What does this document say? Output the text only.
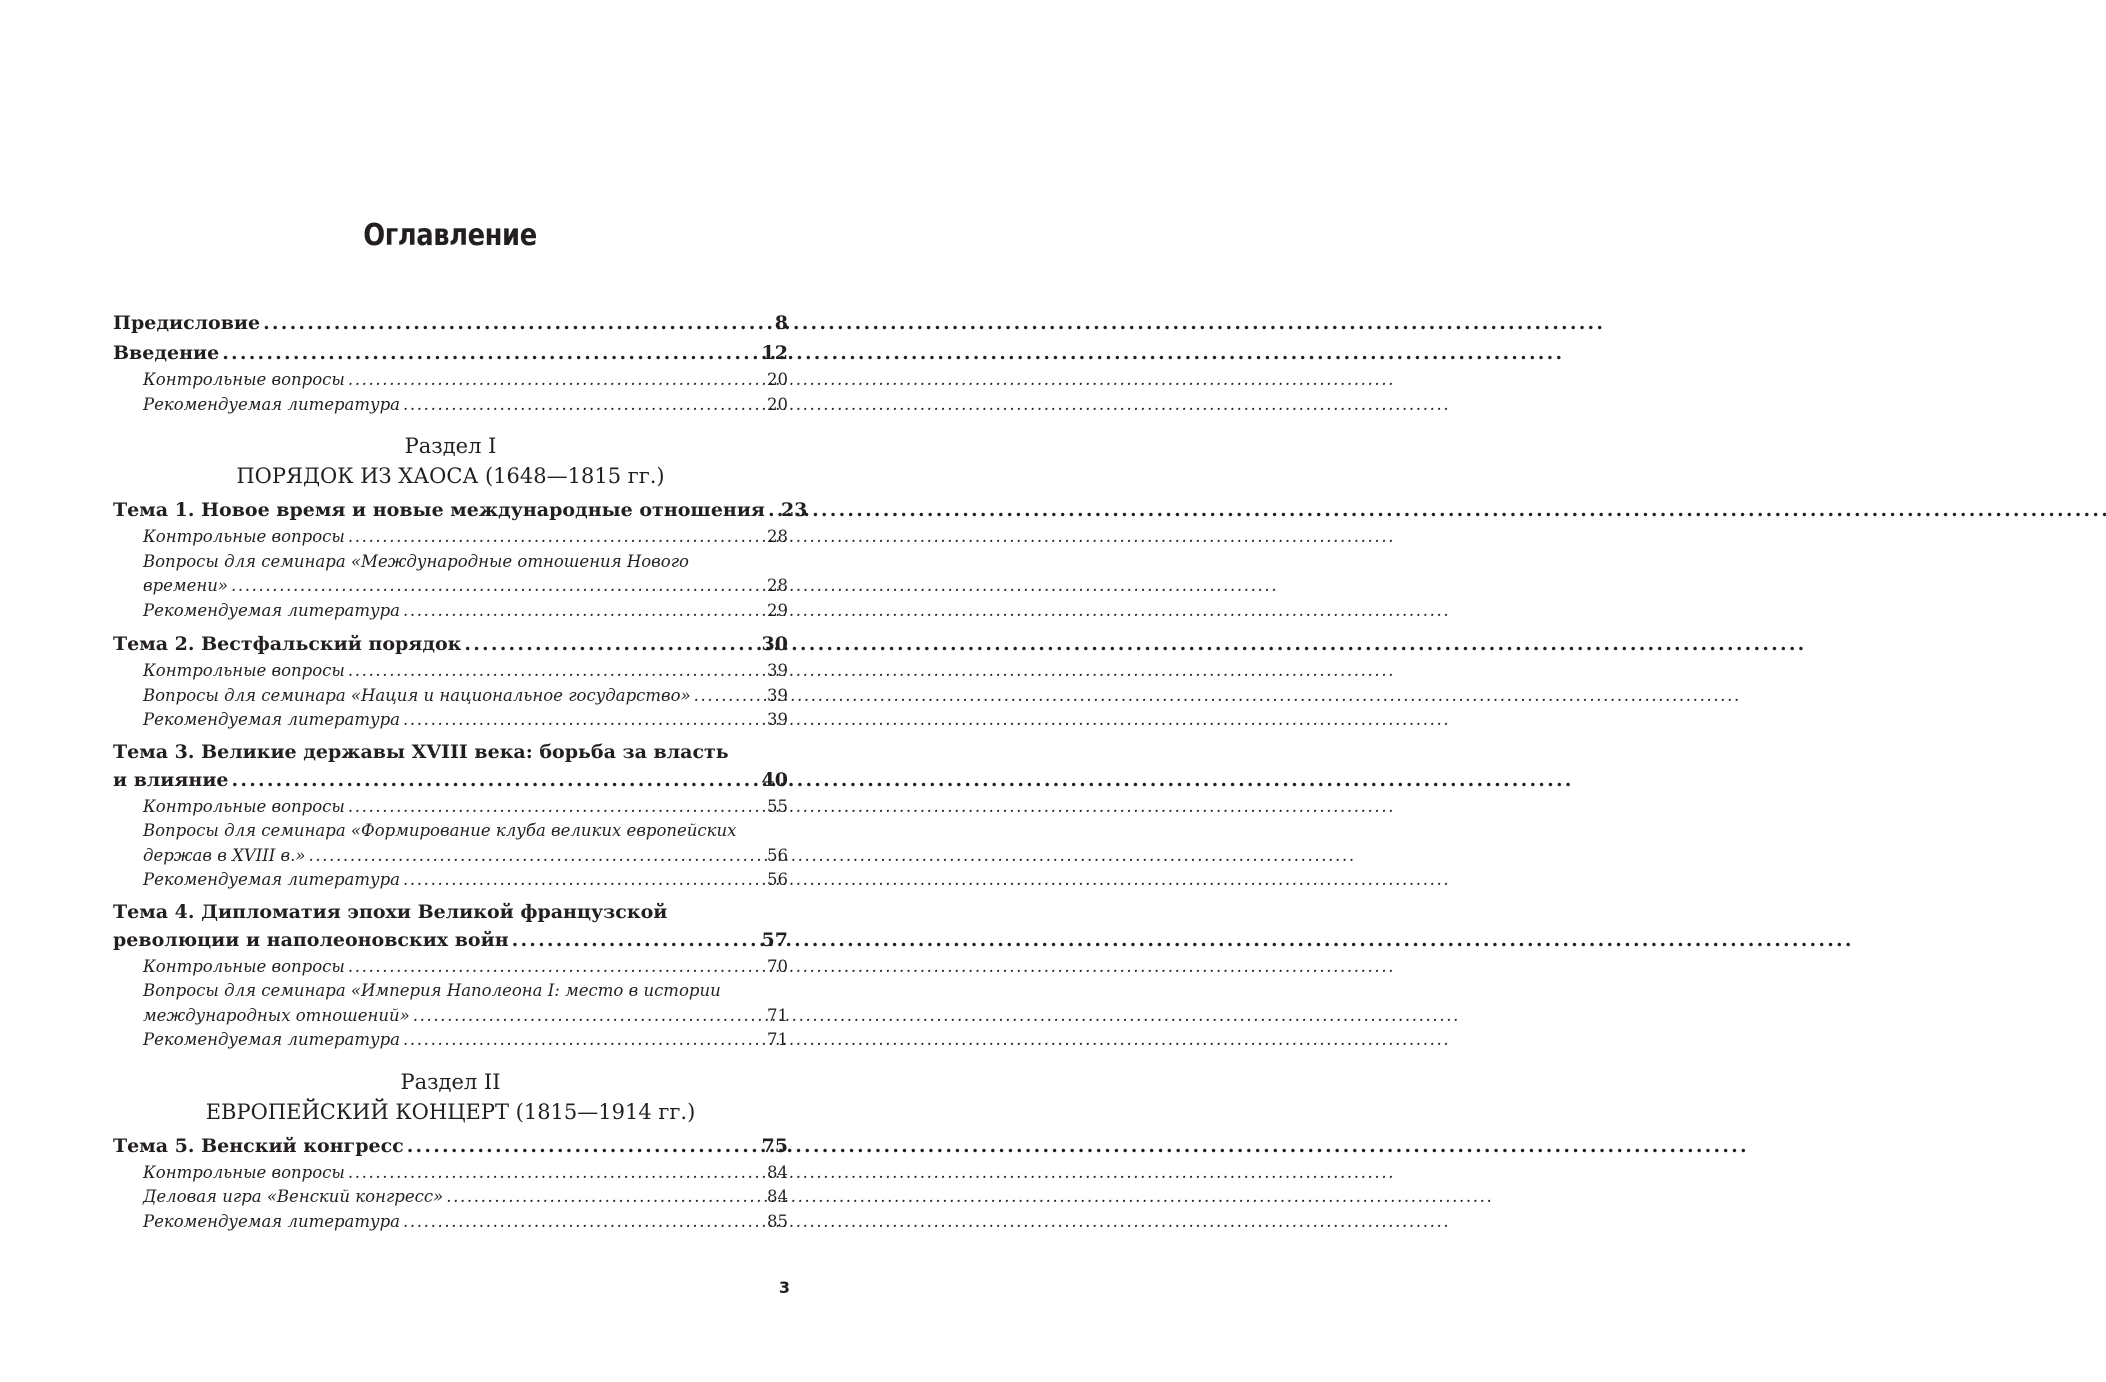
Оглавление
Предисловие . . .	8
Введение . . .	12
Контрольные вопросы . . .	20
Рекомендуемая литература . . .	20
Раздел I
ПОРЯДОК ИЗ ХАОСА (1648—1815 гг.)
Тема 1. Новое время и новые международные отношения . . . 23
Контрольные вопросы . . .	28
Вопросы для семинара «Международные отношения Нового
времени» . . .	28
Рекомендуемая литература . . .	29
Тема 2. Вестфальский порядок . . .	30
Контрольные вопросы . . .	39
Вопросы для семинара «Нация и национальное государство» . . .	39
Рекомендуемая литература . . .	39
Тема 3. Великие державы XVIII века: борьба за власть
и влияние . . .	40
Контрольные вопросы . . .	55
Вопросы для семинара «Формирование клуба великих европейских
держав в XVIII в.» . . .	56
Рекомендуемая литература . . .	56
Тема 4. Дипломатия эпохи Великой французской
революции и наполеоновских войн . . .	57
Контрольные вопросы . . .	70
Вопросы для семинара «Империя Наполеона I: место в истории
международных отношений» . . .	71
Рекомендуемая литература . . .	71
Раздел II
ЕВРОПЕЙСКИЙ КОНЦЕРТ (1815—1914 гг.)
Тема 5. Венский конгресс . . .	75
Контрольные вопросы . . .	84
Деловая игра «Венский конгресс» . . .	84
Рекомендуемая литература . . .	85
3
